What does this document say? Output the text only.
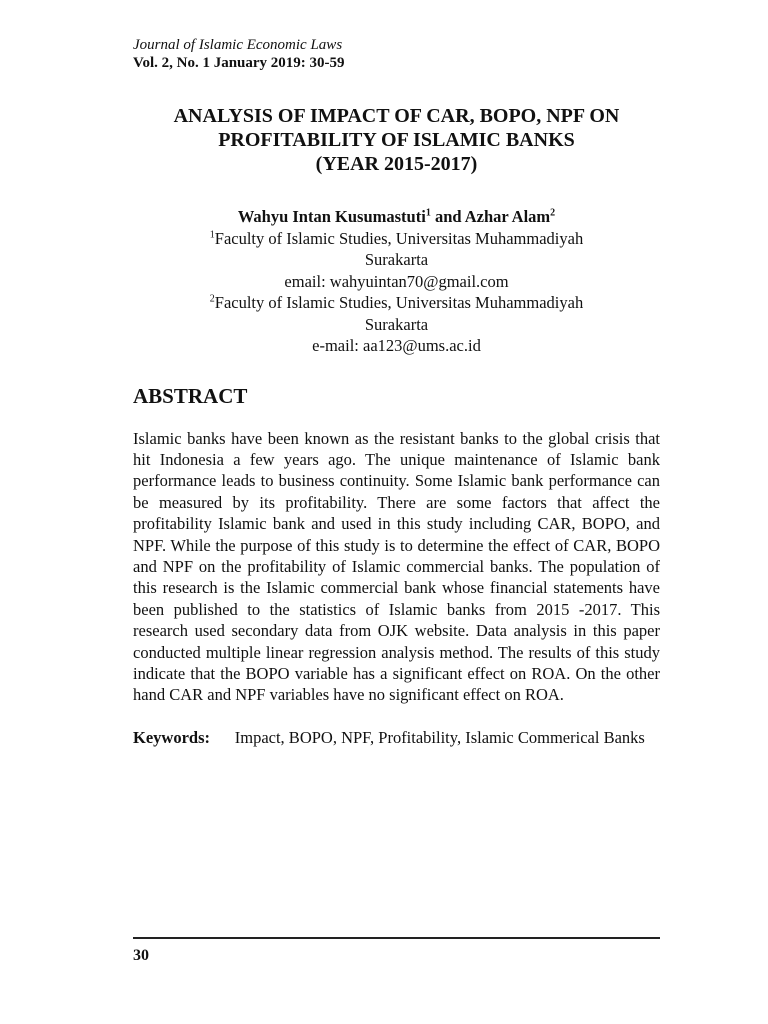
Journal of Islamic Economic Laws

Vol. 2, No. 1 January 2019: 30-59

ANALYSIS OF IMPACT OF CAR, BOPO, NPF ON
PROFITABILITY OF ISLAMIC BANKS
(YEAR 2015-2017)
Wahyu Intan Kusumastuti$^1$ and Azhar Alam$^2$
$^1$Faculty of Islamic Studies, Universitas Muhammadiyah
Surakarta
email: wahyuintan70@gmail.com
$^2$Faculty of Islamic Studies, Universitas Muhammadiyah
Surakarta
e-mail: aa123@ums.ac.id
ABSTRACT
Islamic banks have been known as the resistant banks to the global crisis that hit Indonesia a few years ago. The unique maintenance of Islamic bank performance leads to business continuity. Some Islamic bank performance can be measured by its profitability. There are some factors that affect the profitability Islamic bank and used in this study including CAR, BOPO, and NPF. While the purpose of this study is to determine the effect of CAR, BOPO and NPF on the profitability of Islamic commercial banks. The population of this research is the Islamic commercial bank whose financial statements have been published to the statistics of Islamic banks from 2015 -2017. This research used secondary data from OJK website. Data analysis in this paper conducted multiple linear regression analysis method. The results of this study indicate that the BOPO variable has a significant effect on ROA. On the other hand CAR and NPF variables have no significant effect on ROA.
Keywords: Impact, BOPO, NPF, Profitability, Islamic Commerical Banks
30
